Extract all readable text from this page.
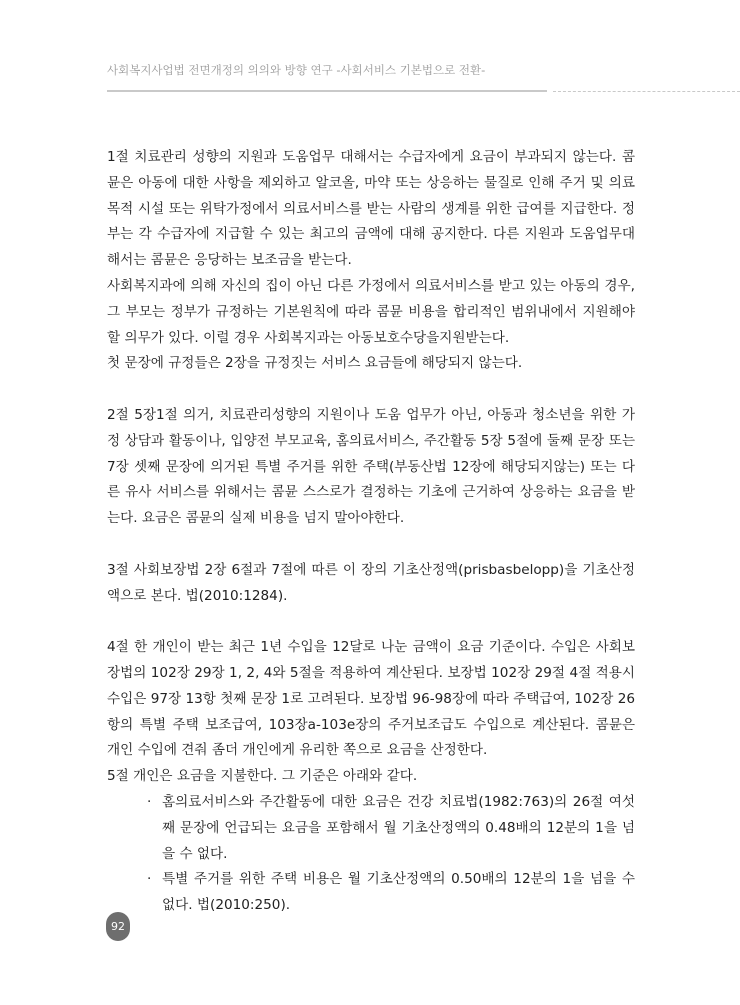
사회복지사업법 전면개정의 의의와 방향 연구 -사회서비스 기본법으로 전환-

1절 치료관리 성향의 지원과 도움업무 대해서는 수급자에게 요금이 부과되지 않는다. 콤뮨은 아동에 대한 사항을 제외하고 알코올, 마약 또는 상응하는 물질로 인해 주거 및 의료목적 시설 또는 위탁가정에서 의료서비스를 받는 사람의 생계를 위한 급여를 지급한다. 정부는 각 수급자에 지급할 수 있는 최고의 금액에 대해 공지한다. 다른 지원과 도움업무대해서는 콤뮨은 응당하는 보조금을 받는다.

사회복지과에 의해 자신의 집이 아닌 다른 가정에서 의료서비스를 받고 있는 아동의 경우, 그 부모는 정부가 규정하는 기본원칙에 따라 콤뮨 비용을 합리적인 범위내에서 지원해야할 의무가 있다. 이럴 경우 사회복지과는 아동보호수당을지원받는다.

첫 문장에 규정들은 2장을 규정짓는 서비스 요금들에 해당되지 않는다.

2절 5장1절 의거, 치료관리성향의 지원이나 도움 업무가 아닌, 아동과 청소년을 위한 가정 상담과 활동이나, 입양전 부모교육, 홈의료서비스, 주간활동 5장 5절에 둘째 문장 또는 7장 셋째 문장에 의거된 특별 주거를 위한 주택(부동산법 12장에 해당되지않는) 또는 다른 유사 서비스를 위해서는 콤뮨 스스로가 결정하는 기초에 근거하여 상응하는 요금을 받는다. 요금은 콤뮨의 실제 비용을 넘지 말아야한다.

3절 사회보장법 2장 6절과 7절에 따른 이 장의 기초산정액(prisbasbelopp)을 기초산정액으로 본다. 법(2010:1284).

4절 한 개인이 받는 최근 1년 수입을 12달로 나눈 금액이 요금 기준이다. 수입은 사회보장법의 102장 29장 1, 2, 4와 5절을 적용하여 계산된다. 보장법 102장 29절 4절 적용시 수입은 97장 13항 첫째 문장 1로 고려된다. 보장법 96-98장에 따라 주택급여, 102장 26항의 특별 주택 보조급여, 103장a-103e장의 주거보조급도 수입으로 계산된다. 콤뮨은 개인 수입에 견줘 좀더 개인에게 유리한 쪽으로 요금을 산정한다.

5절 개인은 요금을 지불한다. 그 기준은 아래와 같다.

· 홈의료서비스와 주간활동에 대한 요금은 건강 치료법(1982:763)의 26절 여섯째 문장에 언급되는 요금을 포함해서 월 기초산정액의 0.48배의 12분의 1을 넘을 수 없다.
· 특별 주거를 위한 주택 비용은 월 기초산정액의 0.50배의 12분의 1을 넘을 수 없다. 법(2010:250).
92
